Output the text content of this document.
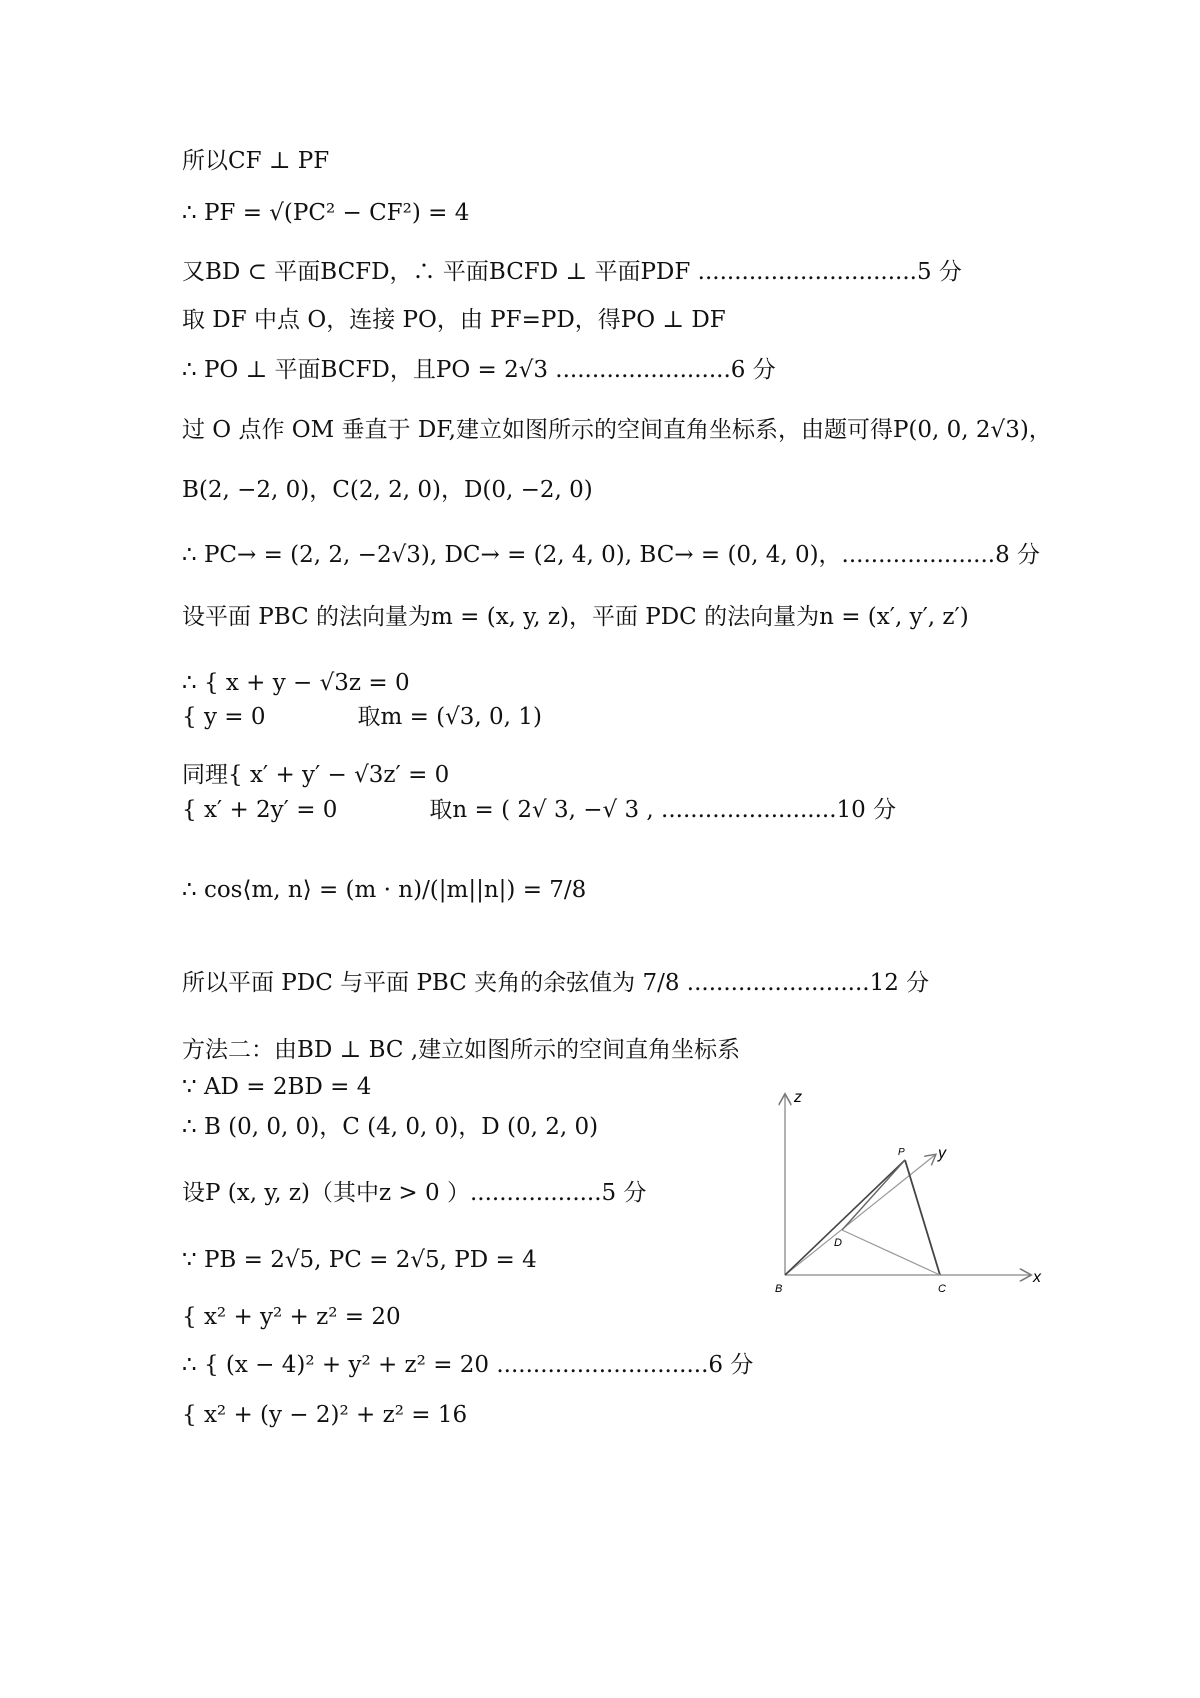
所以CF ⊥ PF
∴ PF = √(PC² − CF²) = 4
又BD ⊂ 平面BCFD，∴ 平面BCFD ⊥ 平面PDF ..............................5 分
取 DF 中点 O，连接 PO，由 PF=PD，得PO ⊥ DF
∴ PO ⊥ 平面BCFD，且PO = 2√3 ........................6 分
过 O 点作 OM 垂直于 DF,建立如图所示的空间直角坐标系，由题可得P(0, 0, 2√3)，
B(2, −2, 0)，C(2, 2, 0)，D(0, −2, 0)
∴ PC→ = (2, 2, −2√3), DC→ = (2, 4, 0), BC→ = (0, 4, 0)，.....................8 分
设平面 PBC 的法向量为m = (x, y, z)，平面 PDC 的法向量为n = (x′, y′, z′)
∴ { x + y − √3z = 0
{ y = 0　　　　取m = (√3, 0, 1)
同理{ x′ + y′ − √3z′ = 0
{ x′ + 2y′ = 0　　　　取n = ( 2√ 3, −√ 3 , ........................10 分
∴ cos⟨m, n⟩ = (m · n)/(|m||n|) = 7/8
所以平面 PDC 与平面 PBC 夹角的余弦值为 7/8 .........................12 分
方法二：由BD ⊥ BC ,建立如图所示的空间直角坐标系
∵ AD = 2BD = 4
∴ B (0, 0, 0)，C (4, 0, 0)，D (0, 2, 0)
设P (x, y, z)（其中z > 0 ）..................5 分
∵ PB = 2√5, PC = 2√5, PD = 4
{ x² + y² + z² = 20
∴ { (x − 4)² + y² + z² = 20 .............................6 分
{ x² + (y − 2)² + z² = 16
z
y
x
B	C
D
P
